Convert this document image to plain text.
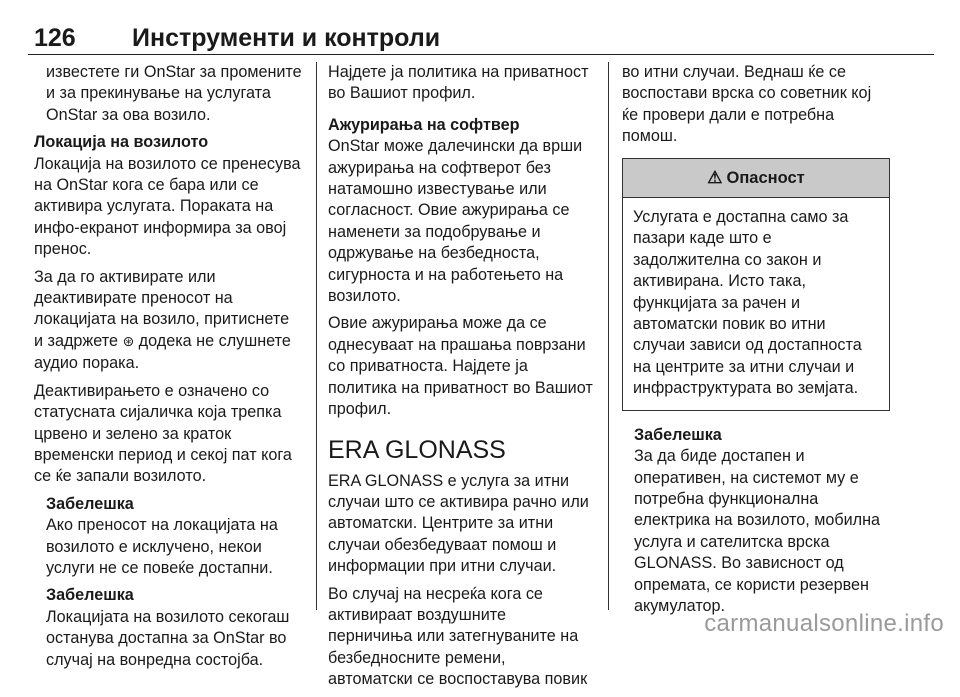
126 Инструменти и контроли

известете ги OnStar за промените и за прекинување на услугата OnStar за ова возило.

Локација на возилото

Локација на возилото се пренесува на OnStar кога се бара или се активира услугата. Пораката на инфо-екранот информира за овој пренос.

За да го активирате или деактивирате преносот на локацијата на возило, притиснете и задржете ⊛ додека не слушнете аудио порака.

Деактивирањето е означено со статусната сијаличка која трепка црвено и зелено за краток временски период и секој пат кога се ќе запали возилото.

Забелешка

Ако преносот на локацијата на возилото е исклучено, некои услуги не се повеќе достапни.

Забелешка

Локацијата на возилото секогаш останува достапна за OnStar во случај на вонредна состојба.

Најдете ја политика на приватност во Вашиот профил.

Ажурирања на софтвер

OnStar може далечински да врши ажурирања на софтверот без натамошно известување или согласност. Овие ажурирања се наменети за подобрување и одржување на безбедноста, сигурноста и на работењето на возилото.

Овие ажурирања може да се однесуваат на прашања поврзани со приватноста. Најдете ја политика на приватност во Вашиот профил.

ERA GLONASS

ERA GLONASS е услуга за итни случаи што се активира рачно или автоматски. Центрите за итни случаи обезбедуваат помош и информации при итни случаи.

Во случај на несреќа кога се активираат воздушните перничиња или затегнуваните на безбедносните ремени, автоматски се воспоставува повик

во итни случаи. Веднаш ќе се воспостави врска со советник кој ќе провери дали е потребна помош.

⚠ Опасност
Услугата е достапна само за пазари каде што е задолжителна со закон и активирана. Исто така, функцијата за рачен и автоматски повик во итни случаи зависи од достапноста на центрите за итни случаи и инфраструктурата во земјата.

Забелешка

За да биде достапен и оперативен, на системот му е потребна функционална електрика на возилото, мобилна услуга и сателитска врска GLONASS. Во зависност од опремата, се користи резервен акумулатор.

carmanualsonline.info
